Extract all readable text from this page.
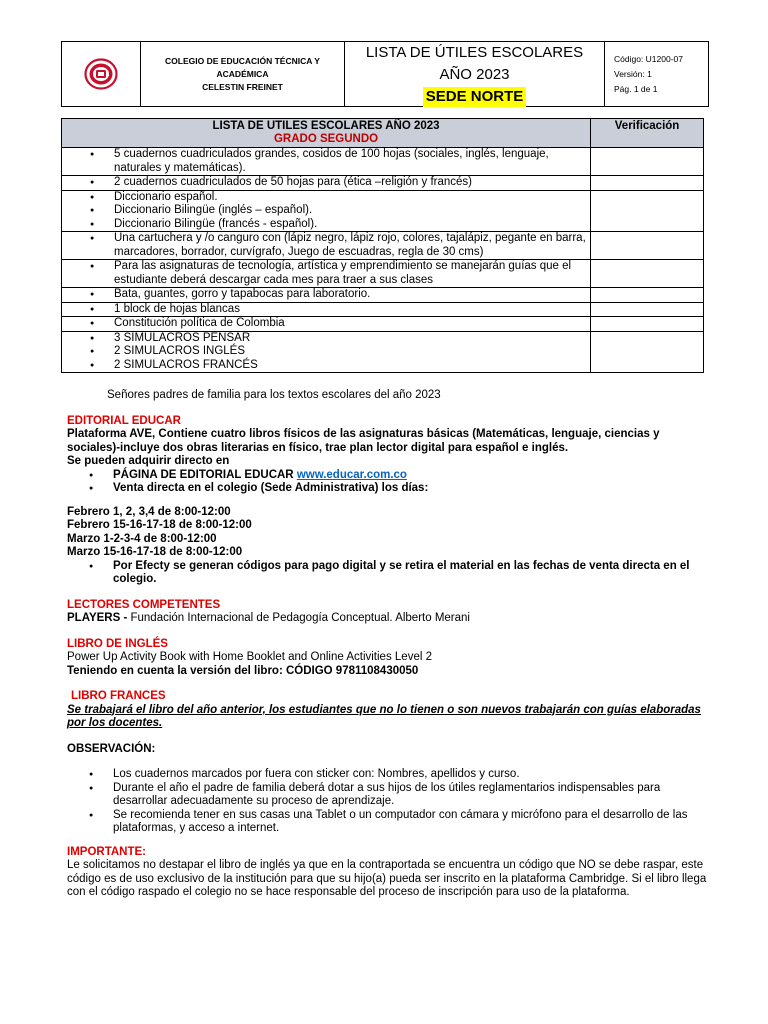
COLEGIO DE EDUCACIÓN TÉCNICA Y
ACADÉMICA
CELESTIN FREINET
LISTA DE ÚTILES ESCOLARES
AÑO 2023
SEDE NORTE
Código: U1200-07
Versión: 1
Pág. 1 de 1
LISTA DE UTILES ESCOLARES AÑO 2023
GRADO SEGUNDO	Verificación

● 5 cuadernos cuadriculados grandes, cosidos de 100 hojas (sociales, inglés, lenguaje, naturales y matemáticas).

● 2 cuadernos cuadriculados de 50 hojas para (ética –religión y francés)

● Diccionario español.
● Diccionario Bilingüe (inglés – español).
● Diccionario Bilingüe (francés - español).

● Una cartuchera y /o canguro con (lápiz negro, lápiz rojo, colores, tajalápiz, pegante en barra, marcadores, borrador, curvígrafo, Juego de escuadras, regla de 30 cms)

● Para las asignaturas de tecnología, artística y emprendimiento se manejarán guías que el estudiante deberá descargar cada mes para traer a sus clases

● Bata, guantes, gorro y tapabocas para laboratorio.

● 1 block de hojas blancas

● Constitución política de Colombia

● 3 SIMULACROS PENSAR
● 2 SIMULACROS INGLÉS
● 2 SIMULACROS FRANCÉS

Señores padres de familia para los textos escolares del año 2023
EDITORIAL EDUCAR
Plataforma AVE, Contiene cuatro libros físicos de las asignaturas básicas (Matemáticas, lenguaje, ciencias y sociales)-incluye dos obras literarias en físico, trae plan lector digital para español e inglés.
Se pueden adquirir directo en
● PÁGINA DE EDITORIAL EDUCAR www.educar.com.co
● Venta directa en el colegio (Sede Administrativa) los días:
Febrero 1, 2, 3,4 de 8:00-12:00
Febrero 15-16-17-18 de 8:00-12:00
Marzo 1-2-3-4 de 8:00-12:00
Marzo 15-16-17-18 de 8:00-12:00
● Por Efecty se generan códigos para pago digital y se retira el material en las fechas de venta directa en el colegio.
LECTORES COMPETENTES
PLAYERS - Fundación Internacional de Pedagogía Conceptual. Alberto Merani
LIBRO DE INGLÉS
Power Up Activity Book with Home Booklet and Online Activities Level 2
Teniendo en cuenta la versión del libro: CÓDIGO 9781108430050
LIBRO FRANCES
Se trabajará el libro del año anterior, los estudiantes que no lo tienen o son nuevos trabajarán con guías elaboradas por los docentes.
OBSERVACIÓN:
● Los cuadernos marcados por fuera con sticker con: Nombres, apellidos y curso.
● Durante el año el padre de familia deberá dotar a sus hijos de los útiles reglamentarios indispensables para desarrollar adecuadamente su proceso de aprendizaje.
● Se recomienda tener en sus casas una Tablet o un computador con cámara y micrófono para el desarrollo de las plataformas, y acceso a internet.
IMPORTANTE:
Le solicitamos no destapar el libro de inglés ya que en la contraportada se encuentra un código que NO se debe raspar, este código es de uso exclusivo de la institución para que su hijo(a) pueda ser inscrito en la plataforma Cambridge. Si el libro llega con el código raspado el colegio no se hace responsable del proceso de inscripción para uso de la plataforma.
